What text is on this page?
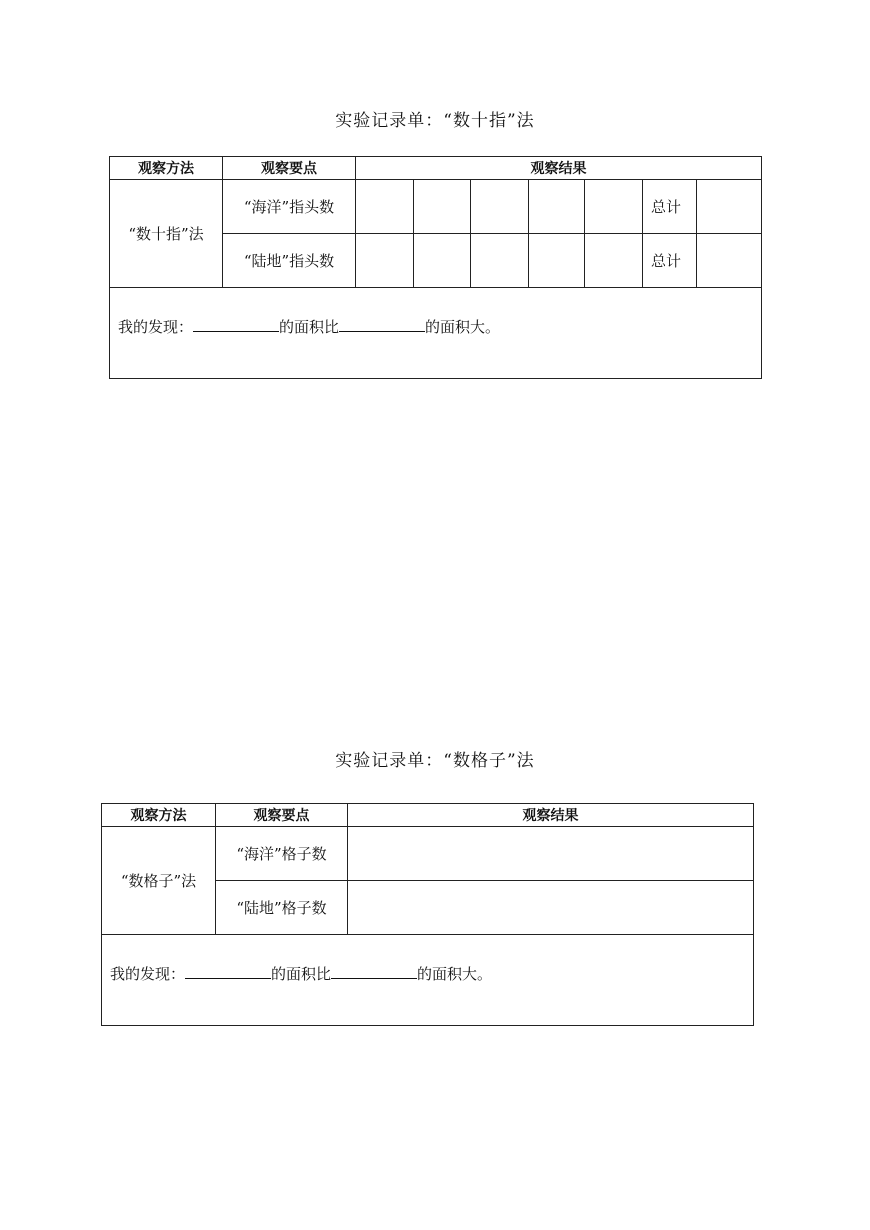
实验记录单：“数十指”法
观察方法	观察要点	观察结果						
“数十指”法	“海洋”指头数						总计	
	“陆地”指头数						总计	
我的发现： 的面积比 的面积大。								
实验记录单：“数格子”法
观察方法	观察要点	观察结果
“数格子”法	“海洋”格子数	
	“陆地”格子数	
我的发现： 的面积比 的面积大。		
